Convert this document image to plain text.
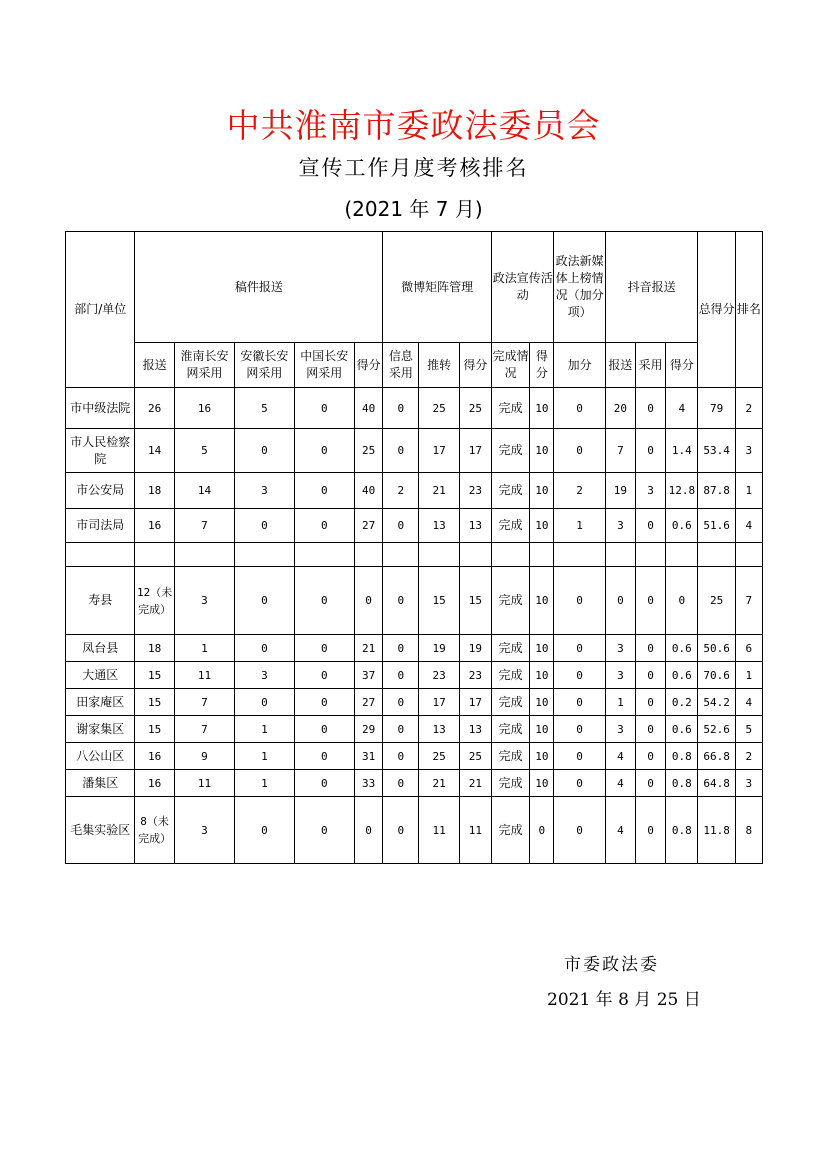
中共淮南市委政法委员会
宣传工作月度考核排名
(2021 年 7 月)
部门/单位	稿件报送					微博矩阵管理			政法宣传活动		政法新媒体上榜情况（加分项）	抖音报送			总得分	排名
	报送	淮南长安网采用	安徽长安网采用	中国长安网采用	得分	信息采用	推转	得分	完成情况	得分	加分	报送	采用	得分		
市中级法院	26	16	5	0	40	0	25	25	完成	10	0	20	0	4	79	2
市人民检察院	14	5	0	0	25	0	17	17	完成	10	0	7	0	1.4	53.4	3
市公安局	18	14	3	0	40	2	21	23	完成	10	2	19	3	12.8	87.8	1
市司法局	16	7	0	0	27	0	13	13	完成	10	1	3	0	0.6	51.6	4

寿县	12（未完成）	3	0	0	0	0	15	15	完成	10	0	0	0	0	25	7
凤台县	18	1	0	0	21	0	19	19	完成	10	0	3	0	0.6	50.6	6
大通区	15	11	3	0	37	0	23	23	完成	10	0	3	0	0.6	70.6	1
田家庵区	15	7	0	0	27	0	17	17	完成	10	0	1	0	0.2	54.2	4
谢家集区	15	7	1	0	29	0	13	13	完成	10	0	3	0	0.6	52.6	5
八公山区	16	9	1	0	31	0	25	25	完成	10	0	4	0	0.8	66.8	2
潘集区	16	11	1	0	33	0	21	21	完成	10	0	4	0	0.8	64.8	3
毛集实验区	8（未完成）	3	0	0	0	0	11	11	完成	0	0	4	0	0.8	11.8	8
市委政法委
2021 年 8 月 25 日
